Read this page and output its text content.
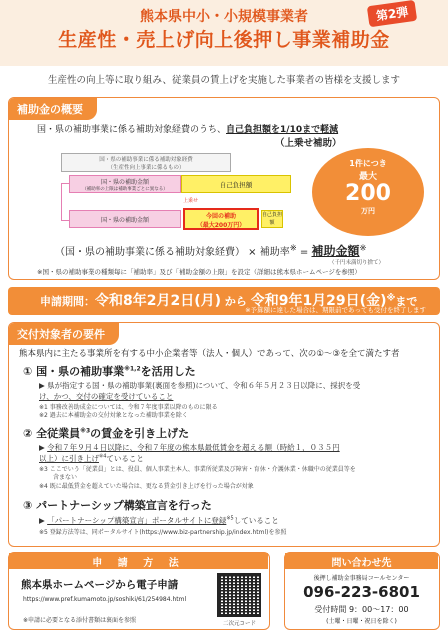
熊本県中小・小規模事業者
生産性・売上げ向上後押し事業補助金
第2弾
生産性の向上等に取り組み、従業員の賃上げを実施した事業者の皆様を支援します
補助金の概要
国・県の補助事業に係る補助対象経費のうち、自己負担額を1/10まで軽減
（上乗せ補助）
国・県の補助事業に係る補助対象経費
（生産性向上事業に係るもの）
国・県の補助金額
（補助率の上限は補助事業ごとに異なる）
自己負担額
上乗せ
国・県の補助金額
今回の補助
（最大200万円）
自己負担額
1件につき
最大
200
万円
（国・県の補助事業に係る補助対象経費） × 補助率※ = 補助金額※
（千円未満切り捨て）
※国・県の補助事業の種類毎に「補助率」及び「補助金額の上限」を設定（詳細は熊本県ホームページを参照）
申請期間：令和8年2月2日(月) から 令和9年1月29日(金)※まで
※予算額に達した場合は、期限前であっても受付を終了します
交付対象者の要件
熊本県内に主たる事業所を有する中小企業者等（法人・個人）であって、次の①～③を全て満たす者
① 国・県の補助事業$^{※1,2}$を活用した
▶ 県が指定する国・県の補助事業(裏面を参照)について、令和６年５月２３日以降に、採択を受
け、かつ、交付の確定を受けていること
※1 事務改善助成金については、令和７年度事業以降のものに限る
※2 過去に本補助金の交付対象となった補助事業を除く
② 全従業員$^{※3}$の賃金を引き上げた
▶ 令和７年９月４日以降に、令和７年度の熊本県最低賃金を超える額（時給１，０３５円
以上）に引き上げ$^{※4}$ていること
※3 ここでいう「従業員」とは、役員、個人事業主本人、事業所従業及び障害・育休・介護休業・休職中の従業員等を
含まない
※4 既に最低賃金を超えていた場合は、更なる賃金引き上げを行った場合が対象
③ パートナーシップ構築宣言を行った
▶ 「パートナーシップ構築宣言」ポータルサイトに登録$^{※5}$していること
※5 登録方法等は、同ポータルサイト(https://www.biz-partnership.jp/index.html)を参照
申 請 方 法
熊本県ホームページから電子申請
https://www.pref.kumamoto.jp/soshiki/61/254984.html
※申請に必要となる添付書類は裏面を参照	二次元コード
問い合わせ先
後押し補助金事務局コールセンター
096-223-6801
受付時間 9：00～17：00
(土曜・日曜・祝日を除く)
